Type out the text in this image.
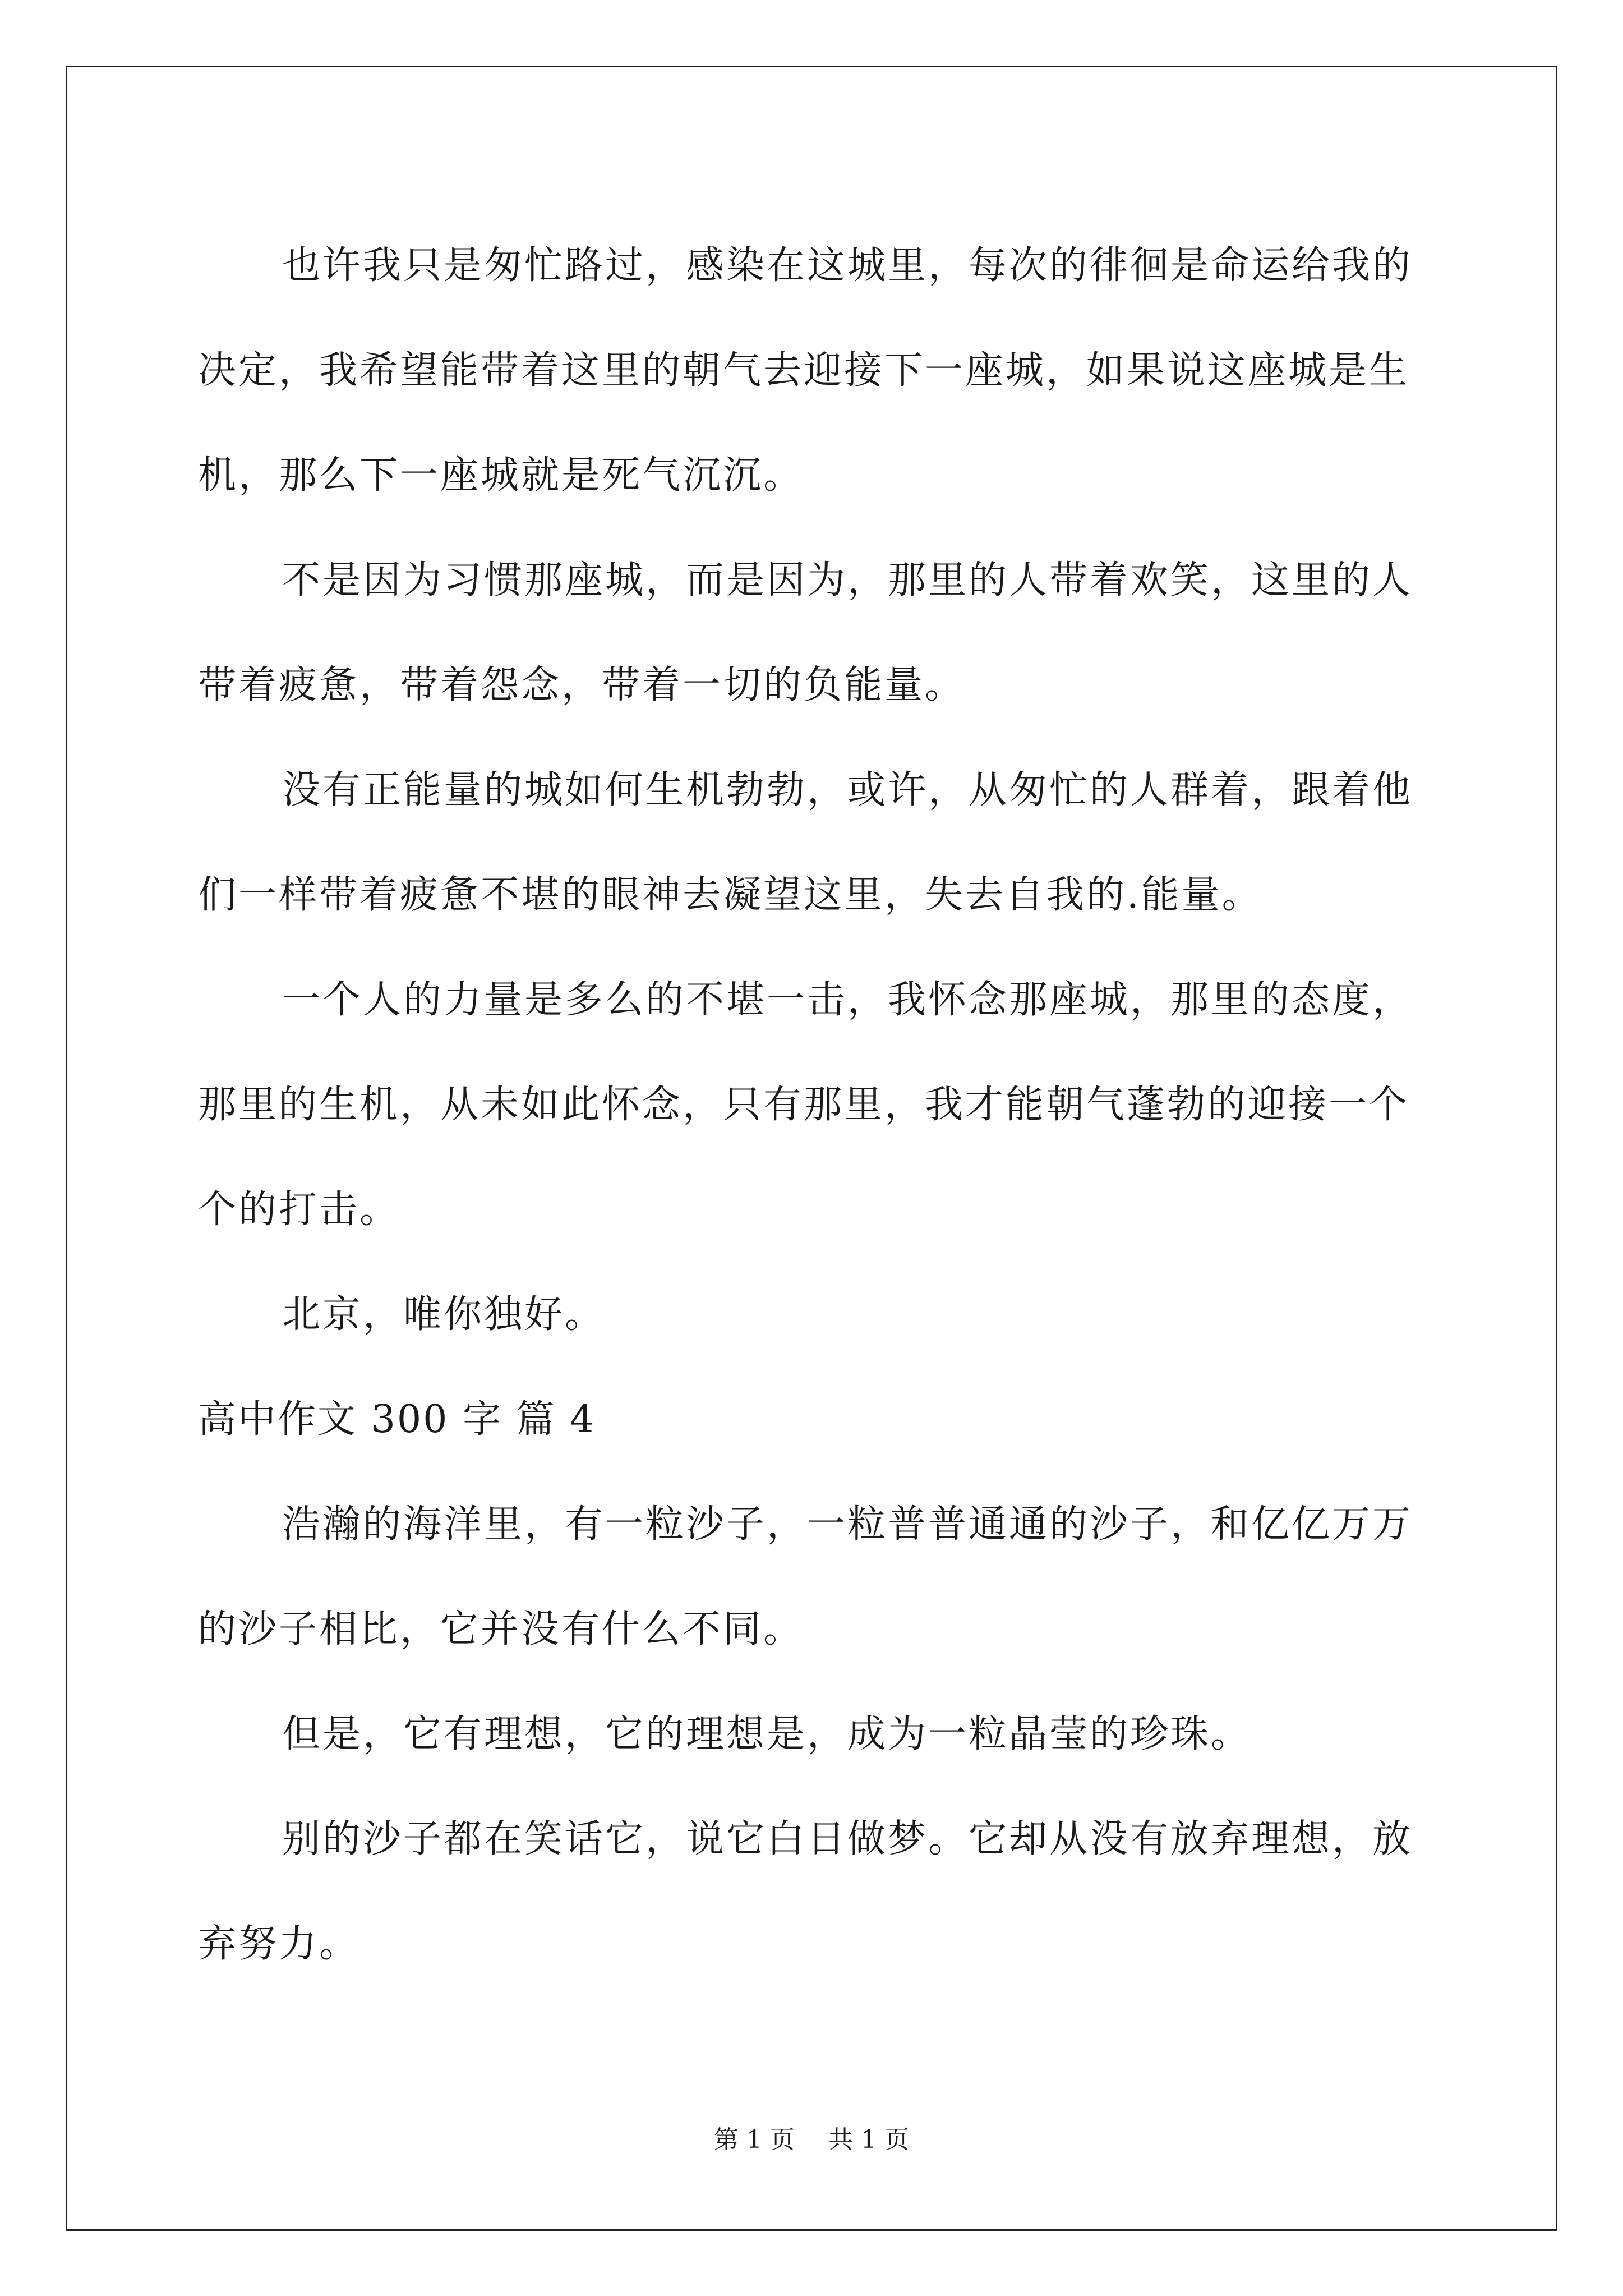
也许我只是匆忙路过，感染在这城里，每次的徘徊是命运给我的
决定，我希望能带着这里的朝气去迎接下一座城，如果说这座城是生
机，那么下一座城就是死气沉沉。
不是因为习惯那座城，而是因为，那里的人带着欢笑，这里的人
带着疲惫，带着怨念，带着一切的负能量。
没有正能量的城如何生机勃勃，或许，从匆忙的人群着，跟着他
们一样带着疲惫不堪的眼神去凝望这里，失去自我的.能量。
一个人的力量是多么的不堪一击，我怀念那座城，那里的态度，
那里的生机，从未如此怀念，只有那里，我才能朝气蓬勃的迎接一个
个的打击。
北京，唯你独好。
高中作文 300 字 篇 4
浩瀚的海洋里，有一粒沙子，一粒普普通通的沙子，和亿亿万万
的沙子相比，它并没有什么不同。
但是，它有理想，它的理想是，成为一粒晶莹的珍珠。
别的沙子都在笑话它，说它白日做梦。它却从没有放弃理想，放
弃努力。
第 1 页 共 1 页
